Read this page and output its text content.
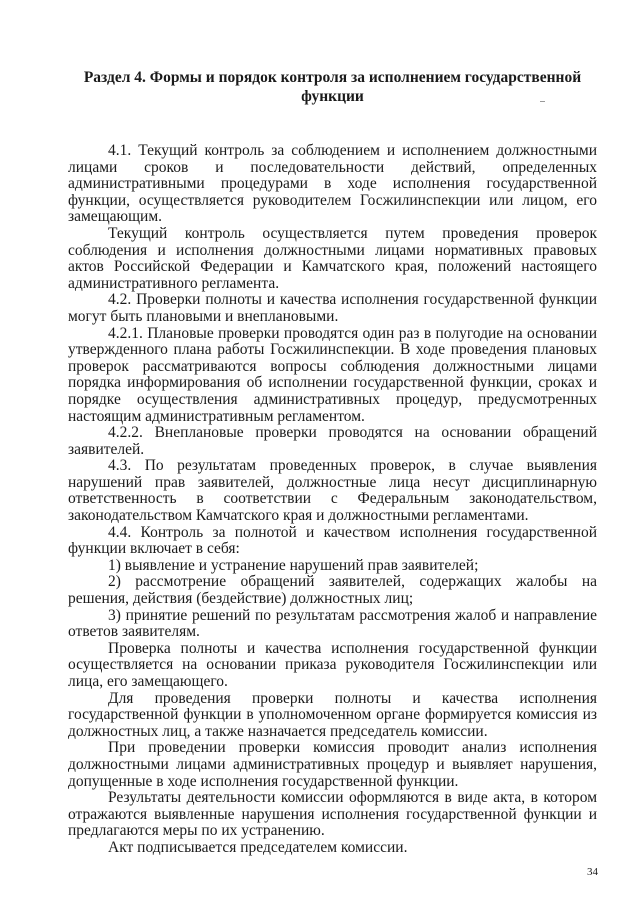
Раздел 4. Формы и порядок контроля за исполнением государственной функции

4.1. Текущий контроль за соблюдением и исполнением должностными лицами сроков и последовательности действий, определенных административными процедурами в ходе исполнения государственной функции, осуществляется руководителем Госжилинспекции или лицом, его замещающим.

Текущий контроль осуществляется путем проведения проверок соблюдения и исполнения должностными лицами нормативных правовых актов Российской Федерации и Камчатского края, положений настоящего административного регламента.

4.2. Проверки полноты и качества исполнения государственной функции могут быть плановыми и внеплановыми.

4.2.1. Плановые проверки проводятся один раз в полугодие на основании утвержденного плана работы Госжилинспекции. В ходе проведения плановых проверок рассматриваются вопросы соблюдения должностными лицами порядка информирования об исполнении государственной функции, сроках и порядке осуществления административных процедур, предусмотренных настоящим административным регламентом.

4.2.2. Внеплановые проверки проводятся на основании обращений заявителей.

4.3. По результатам проведенных проверок, в случае выявления нарушений прав заявителей, должностные лица несут дисциплинарную ответственность в соответствии с Федеральным законодательством, законодательством Камчатского края и должностными регламентами.

4.4. Контроль за полнотой и качеством исполнения государственной функции включает в себя:

1) выявление и устранение нарушений прав заявителей;

2) рассмотрение обращений заявителей, содержащих жалобы на решения, действия (бездействие) должностных лиц;

3) принятие решений по результатам рассмотрения жалоб и направление ответов заявителям.

Проверка полноты и качества исполнения государственной функции осуществляется на основании приказа руководителя Госжилинспекции или лица, его замещающего.

Для проведения проверки полноты и качества исполнения государственной функции в уполномоченном органе формируется комиссия из должностных лиц, а также назначается председатель комиссии.

При проведении проверки комиссия проводит анализ исполнения должностными лицами административных процедур и выявляет нарушения, допущенные в ходе исполнения государственной функции.

Результаты деятельности комиссии оформляются в виде акта, в котором отражаются выявленные нарушения исполнения государственной функции и предлагаются меры по их устранению.

Акт подписывается председателем комиссии.

34
